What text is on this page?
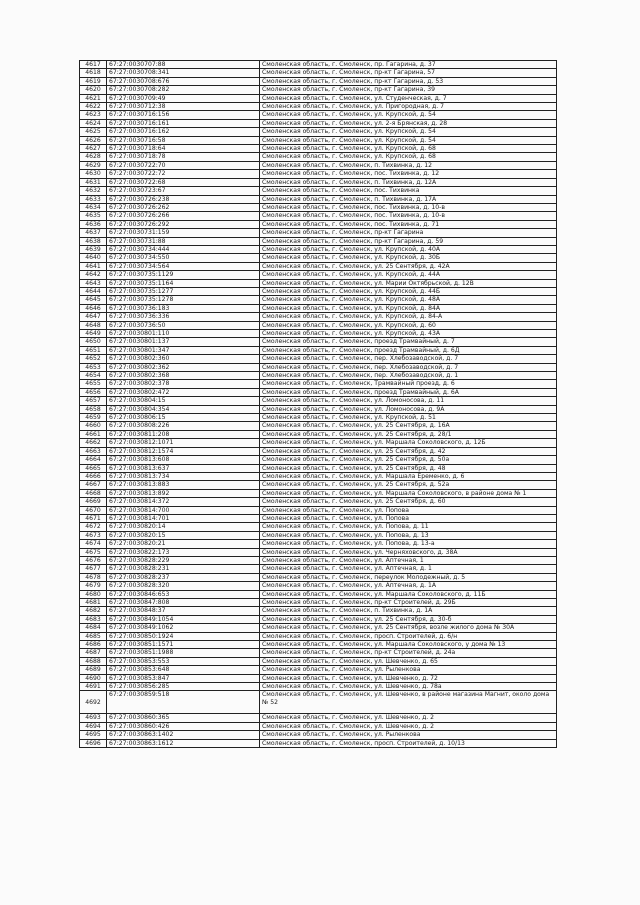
4617	67:27:0030707:88	Смоленская область, г. Смоленск, пр. Гагарина, д. 37
4618	67:27:0030708:341	Смоленская область, г. Смоленск, пр-кт Гагарина, 57
4619	67:27:0030708:676	Смоленская область, г. Смоленск, пр-кт Гагарина, д. 53
4620	67:27:0030708:282	Смоленская область, г. Смоленск, пр-кт Гагарина, 39
4621	67:27:0030709:49	Смоленская область, г. Смоленск, ул. Студенческая, д. 7
4622	67:27:0030712:38	Смоленская область, г. Смоленск, ул. Пригородная, д. 7
4623	67:27:0030716:156	Смоленская область, г. Смоленск, ул. Крупской, д. 54
4624	67:27:0030716:161	Смоленская область, г. Смоленск, ул. 2-я Брянская, д. 28
4625	67:27:0030716:162	Смоленская область, г. Смоленск, ул. Крупской, д. 54
4626	67:27:0030716:58	Смоленская область, г. Смоленск, ул. Крупской, д. 54
4627	67:27:0030718:64	Смоленская область, г. Смоленск, ул. Крупской, д. 68
4628	67:27:0030718:78	Смоленская область, г. Смоленск, ул. Крупской, д. 68
4629	67:27:0030722:70	Смоленская область, г. Смоленск, п. Тихвинка, д. 12
4630	67:27:0030722:72	Смоленская область, г. Смоленск, пос. Тихвинка, д. 12
4631	67:27:0030722:68	Смоленская область, г. Смоленск, п. Тихвинка, д. 12А
4632	67:27:0030723:67	Смоленская область, г. Смоленск, пос. Тихвинка
4633	67:27:0030726:238	Смоленская область, г. Смоленск, п. Тихвинка, д. 17А
4634	67:27:0030726:262	Смоленская область, г. Смоленск, пос. Тихвинка, д. 10-в
4635	67:27:0030726:266	Смоленская область, г. Смоленск, пос. Тихвинка, д. 10-в
4636	67:27:0030726:292	Смоленская область, г. Смоленск, пос. Тихвинка, д. 71
4637	67:27:0030731:159	Смоленская область, г. Смоленск, пр-кт Гагарина
4638	67:27:0030731:88	Смоленская область, г. Смоленск, пр-кт Гагарина, д. 59
4639	67:27:0030734:444	Смоленская область, г. Смоленск, ул. Крупской, д. 40А
4640	67:27:0030734:550	Смоленская область, г. Смоленск, ул. Крупской, д. 30Б
4641	67:27:0030734:564	Смоленская область, г. Смоленск, ул. 25 Сентября, д. 42А
4642	67:27:0030735:1129	Смоленская область, г. Смоленск, ул. Крупской, д. 44А
4643	67:27:0030735:1164	Смоленская область, г. Смоленск, ул. Марии Октябрьской, д. 12В
4644	67:27:0030735:1277	Смоленская область, г. Смоленск, ул. Крупской, д. 44Б
4645	67:27:0030735:1278	Смоленская область, г. Смоленск, ул. Крупской, д. 48А
4646	67:27:0030736:183	Смоленская область, г. Смоленск, ул. Крупской, д. 84А
4647	67:27:0030736:336	Смоленская область, г. Смоленск, ул. Крупской, д. 84-А
4648	67:27:0030736:50	Смоленская область, г. Смоленск, ул. Крупской, д. 60
4649	67:27:0030801:110	Смоленская область, г. Смоленск, ул. Крупской, д. 43А
4650	67:27:0030801:137	Смоленская область, г. Смоленск, проезд Трамвайный, д. 7
4651	67:27:0030801:347	Смоленская область, г. Смоленск, проезд Трамвайный, д. 6Д
4652	67:27:0030802:360	Смоленская область, г. Смоленск, пер. Хлебозаводской, д. 7
4653	67:27:0030802:362	Смоленская область, г. Смоленск, пер. Хлебозаводской, д. 7
4654	67:27:0030802:368	Смоленская область, г. Смоленск, пер. Хлебозаводской, д. 1
4655	67:27:0030802:378	Смоленская область, г. Смоленск, Трамвайный проезд, д. 6
4656	67:27:0030802:472	Смоленская область, г. Смоленск, проезд Трамвайный, д. 6А
4657	67:27:0030804:15	Смоленская область, г. Смоленск, ул. Ломоносова, д. 11
4658	67:27:0030804:354	Смоленская область, г. Смоленск, ул. Ломоносова, д. 9А
4659	67:27:0030806:15	Смоленская область, г. Смоленск, ул. Крупской, д. 51
4660	67:27:0030808:226	Смоленская область, г. Смоленск, ул. 25 Сентября, д. 16А
4661	67:27:0030811:208	Смоленская область, г. Смоленск, ул. 25 Сентября, д. 28/1
4662	67:27:0030812:1071	Смоленская область, г. Смоленск, ул. Маршала Соколовского, д. 12Б
4663	67:27:0030812:1574	Смоленская область, г. Смоленск, ул. 25 Сентября, д. 42
4664	67:27:0030813:608	Смоленская область, г. Смоленск, ул. 25 Сентября, д. 50а
4665	67:27:0030813:637	Смоленская область, г. Смоленск, ул. 25 Сентября, д. 48
4666	67:27:0030813:734	Смоленская область, г. Смоленск, ул. Маршала Еременко, д. 6
4667	67:27:0030813:883	Смоленская область, г. Смоленск, ул. 25 Сентября, д. 52а
4668	67:27:0030813:892	Смоленская область, г. Смоленск, ул. Маршала Соколовского, в районе дома № 1
4669	67:27:0030814:372	Смоленская область, г. Смоленск, ул. 25 Сентября, д. 60
4670	67:27:0030814:700	Смоленская область, г. Смоленск, ул. Попова
4671	67:27:0030814:701	Смоленская область, г. Смоленск, ул. Попова
4672	67:27:0030820:14	Смоленская область, г. Смоленск, ул. Попова, д. 11
4673	67:27:0030820:15	Смоленская область, г. Смоленск, ул. Попова, д. 13
4674	67:27:0030820:21	Смоленская область, г. Смоленск, ул. Попова, д. 13-а
4675	67:27:0030822:173	Смоленская область, г. Смоленск, ул. Черняховского, д. 38А
4676	67:27:0030828:229	Смоленская область, г. Смоленск, ул. Аптечная, 1
4677	67:27:0030828:231	Смоленская область, г. Смоленск, ул. Аптечная, д. 1
4678	67:27:0030828:237	Смоленская область, г. Смоленск, переулок Молодежный, д. 5
4679	67:27:0030828:320	Смоленская область, г. Смоленск, ул. Аптечная, д. 1А
4680	67:27:0030846:653	Смоленская область, г. Смоленск, ул. Маршала Соколовского, д. 11Б
4681	67:27:0030847:808	Смоленская область, г. Смоленск, пр-кт Строителей, д. 29Б
4682	67:27:0030848:37	Смоленская область, г. Смоленск, п. Тихвинка, д. 1А
4683	67:27:0030849:1054	Смоленская область, г. Смоленск, ул. 25 Сентября, д. 30-б
4684	67:27:0030849:1062	Смоленская область, г. Смоленск, ул. 25 Сентября, возле жилого дома № 30А
4685	67:27:0030850:1924	Смоленская область, г. Смоленск, просп. Строителей, д. 6/н
4686	67:27:0030851:1571	Смоленская область, г. Смоленск, ул. Маршала Соколовского, у дома № 13
4687	67:27:0030851:1988	Смоленская область, г. Смоленск, пр-кт Строителей, д. 24а
4688	67:27:0030853:553	Смоленская область, г. Смоленск, ул. Шевченко, д. 65
4689	67:27:0030853:648	Смоленская область, г. Смоленск, ул. Рыленкова
4690	67:27:0030853:847	Смоленская область, г. Смоленск, ул. Шевченко, д. 72
4691	67:27:0030856:285	Смоленская область, г. Смоленск, ул. Шевченко, д. 78а
4692	67:27:0030859:518	Смоленская область, г. Смоленск, ул. Шевченко, в районе магазина Магнит, около дома № 52
4693	67:27:0030860:365	Смоленская область, г. Смоленск, ул. Шевченко, д. 2
4694	67:27:0030860:426	Смоленская область, г. Смоленск, ул. Шевченко, д. 2
4695	67:27:0030863:1402	Смоленская область, г. Смоленск, ул. Рыленкова
4696	67:27:0030863:1612	Смоленская область, г. Смоленск, просп. Строителей, д. 10/13
